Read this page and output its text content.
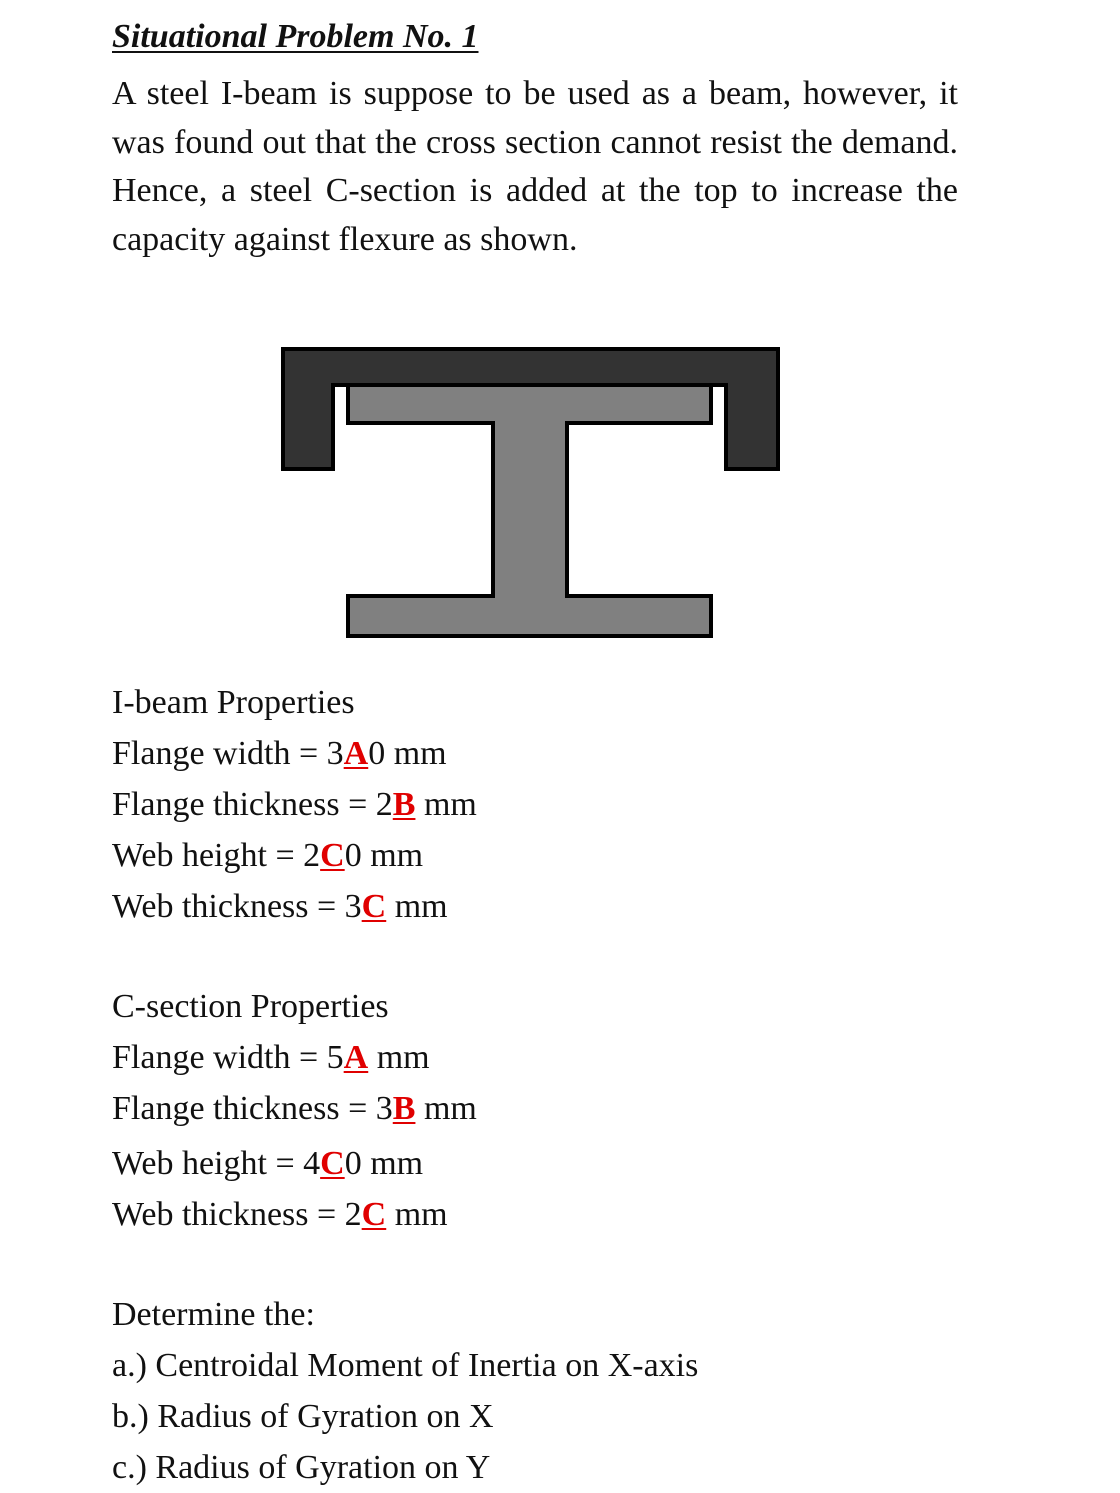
Situational Problem No. 1

A steel I-beam is suppose to be used as a beam, however, it was found out that the cross section cannot resist the demand. Hence, a steel C-section is added at the top to increase the capacity against flexure as shown.

I-beam Properties
Flange width = 3A0 mm
Flange thickness = 2B mm
Web height = 2C0 mm
Web thickness = 3C mm
C-section Properties
Flange width = 5A mm
Flange thickness = 3B mm
Web height = 4C0 mm
Web thickness = 2C mm
Determine the:
a.) Centroidal Moment of Inertia on X-axis
b.) Radius of Gyration on X
c.) Radius of Gyration on Y
